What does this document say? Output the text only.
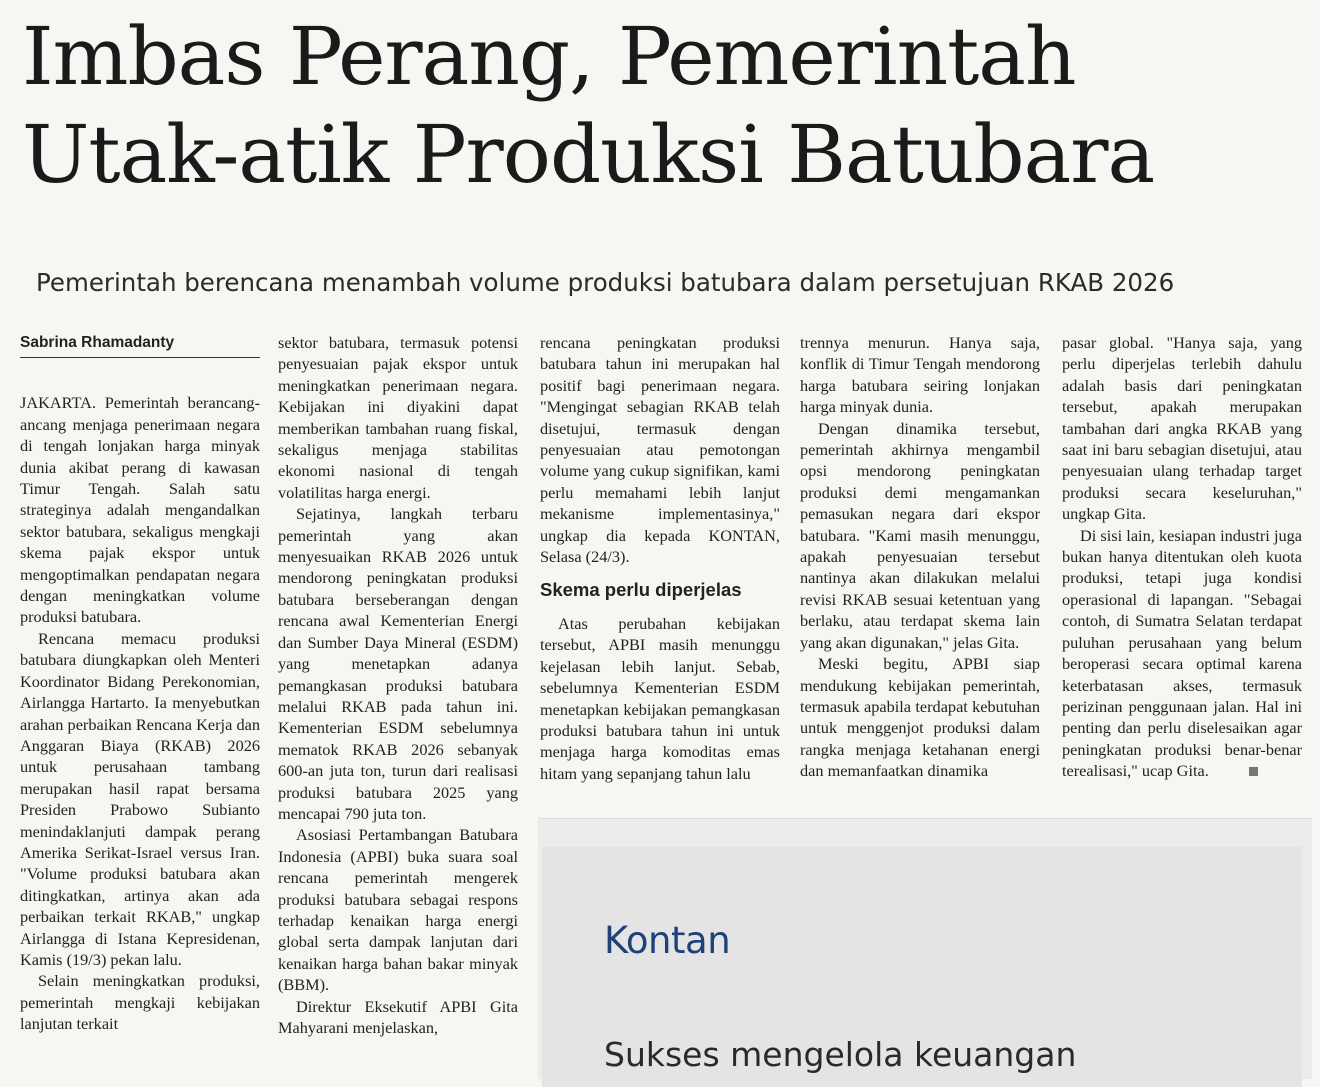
Imbas Perang, Pemerintah
Utak-atik Produksi Batubara

Pemerintah berencana menambah volume produksi batubara dalam persetujuan RKAB 2026

Sabrina Rhamadanty

JAKARTA. Pemerintah berancang-ancang menjaga penerimaan negara di tengah lonjakan harga minyak dunia akibat perang di kawasan Timur Tengah. Salah satu strateginya adalah mengandalkan sektor batubara, sekaligus mengkaji skema pajak ekspor untuk mengoptimalkan pendapatan negara dengan meningkatkan volume produksi batubara.

Rencana memacu produksi batubara diungkapkan oleh Menteri Koordinator Bidang Perekonomian, Airlangga Hartarto. Ia menyebutkan arahan perbaikan Rencana Kerja dan Anggaran Biaya (RKAB) 2026 untuk perusahaan tambang merupakan hasil rapat bersama Presiden Prabowo Subianto menindaklanjuti dampak perang Amerika Serikat-Israel versus Iran. "Volume produksi batubara akan ditingkatkan, artinya akan ada perbaikan terkait RKAB," ungkap Airlangga di Istana Kepresidenan, Kamis (19/3) pekan lalu.

Selain meningkatkan produksi, pemerintah mengkaji kebijakan lanjutan terkait

sektor batubara, termasuk potensi penyesuaian pajak ekspor untuk meningkatkan penerimaan negara. Kebijakan ini diyakini dapat memberikan tambahan ruang fiskal, sekaligus menjaga stabilitas ekonomi nasional di tengah volatilitas harga energi.

Sejatinya, langkah terbaru pemerintah yang akan menyesuaikan RKAB 2026 untuk mendorong peningkatan produksi batubara berseberangan dengan rencana awal Kementerian Energi dan Sumber Daya Mineral (ESDM) yang menetapkan adanya pemangkasan produksi batubara melalui RKAB pada tahun ini. Kementerian ESDM sebelumnya mematok RKAB 2026 sebanyak 600-an juta ton, turun dari realisasi produksi batubara 2025 yang mencapai 790 juta ton.

Asosiasi Pertambangan Batubara Indonesia (APBI) buka suara soal rencana pemerintah mengerek produksi batubara sebagai respons terhadap kenaikan harga energi global serta dampak lanjutan dari kenaikan harga bahan bakar minyak (BBM).

Direktur Eksekutif APBI Gita Mahyarani menjelaskan,

rencana peningkatan produksi batubara tahun ini merupakan hal positif bagi penerimaan negara. "Mengingat sebagian RKAB telah disetujui, termasuk dengan penyesuaian atau pemotongan volume yang cukup signifikan, kami perlu memahami lebih lanjut mekanisme implementasinya," ungkap dia kepada KONTAN, Selasa (24/3).

Skema perlu diperjelas

Atas perubahan kebijakan tersebut, APBI masih menunggu kejelasan lebih lanjut. Sebab, sebelumnya Kementerian ESDM menetapkan kebijakan pemangkasan produksi batubara tahun ini untuk menjaga harga komoditas emas hitam yang sepanjang tahun lalu

trennya menurun. Hanya saja, konflik di Timur Tengah mendorong harga batubara seiring lonjakan harga minyak dunia.

Dengan dinamika tersebut, pemerintah akhirnya mengambil opsi mendorong peningkatan produksi demi mengamankan pemasukan negara dari ekspor batubara. "Kami masih menunggu, apakah penyesuaian tersebut nantinya akan dilakukan melalui revisi RKAB sesuai ketentuan yang berlaku, atau terdapat skema lain yang akan digunakan," jelas Gita.

Meski begitu, APBI siap mendukung kebijakan pemerintah, termasuk apabila terdapat kebutuhan untuk menggenjot produksi dalam rangka menjaga ketahanan energi dan memanfaatkan dinamika

pasar global. "Hanya saja, yang perlu diperjelas terlebih dahulu adalah basis dari peningkatan tersebut, apakah merupakan tambahan dari angka RKAB yang saat ini baru sebagian disetujui, atau penyesuaian ulang terhadap target produksi secara keseluruhan," ungkap Gita.

Di sisi lain, kesiapan industri juga bukan hanya ditentukan oleh kuota produksi, tetapi juga kondisi operasional di lapangan. "Sebagai contoh, di Sumatra Selatan terdapat puluhan perusahaan yang belum beroperasi secara optimal karena keterbatasan akses, termasuk perizinan penggunaan jalan. Hal ini penting dan perlu diselesaikan agar peningkatan produksi benar-benar terealisasi," ucap Gita.

Kontan
Sukses mengelola keuangan
